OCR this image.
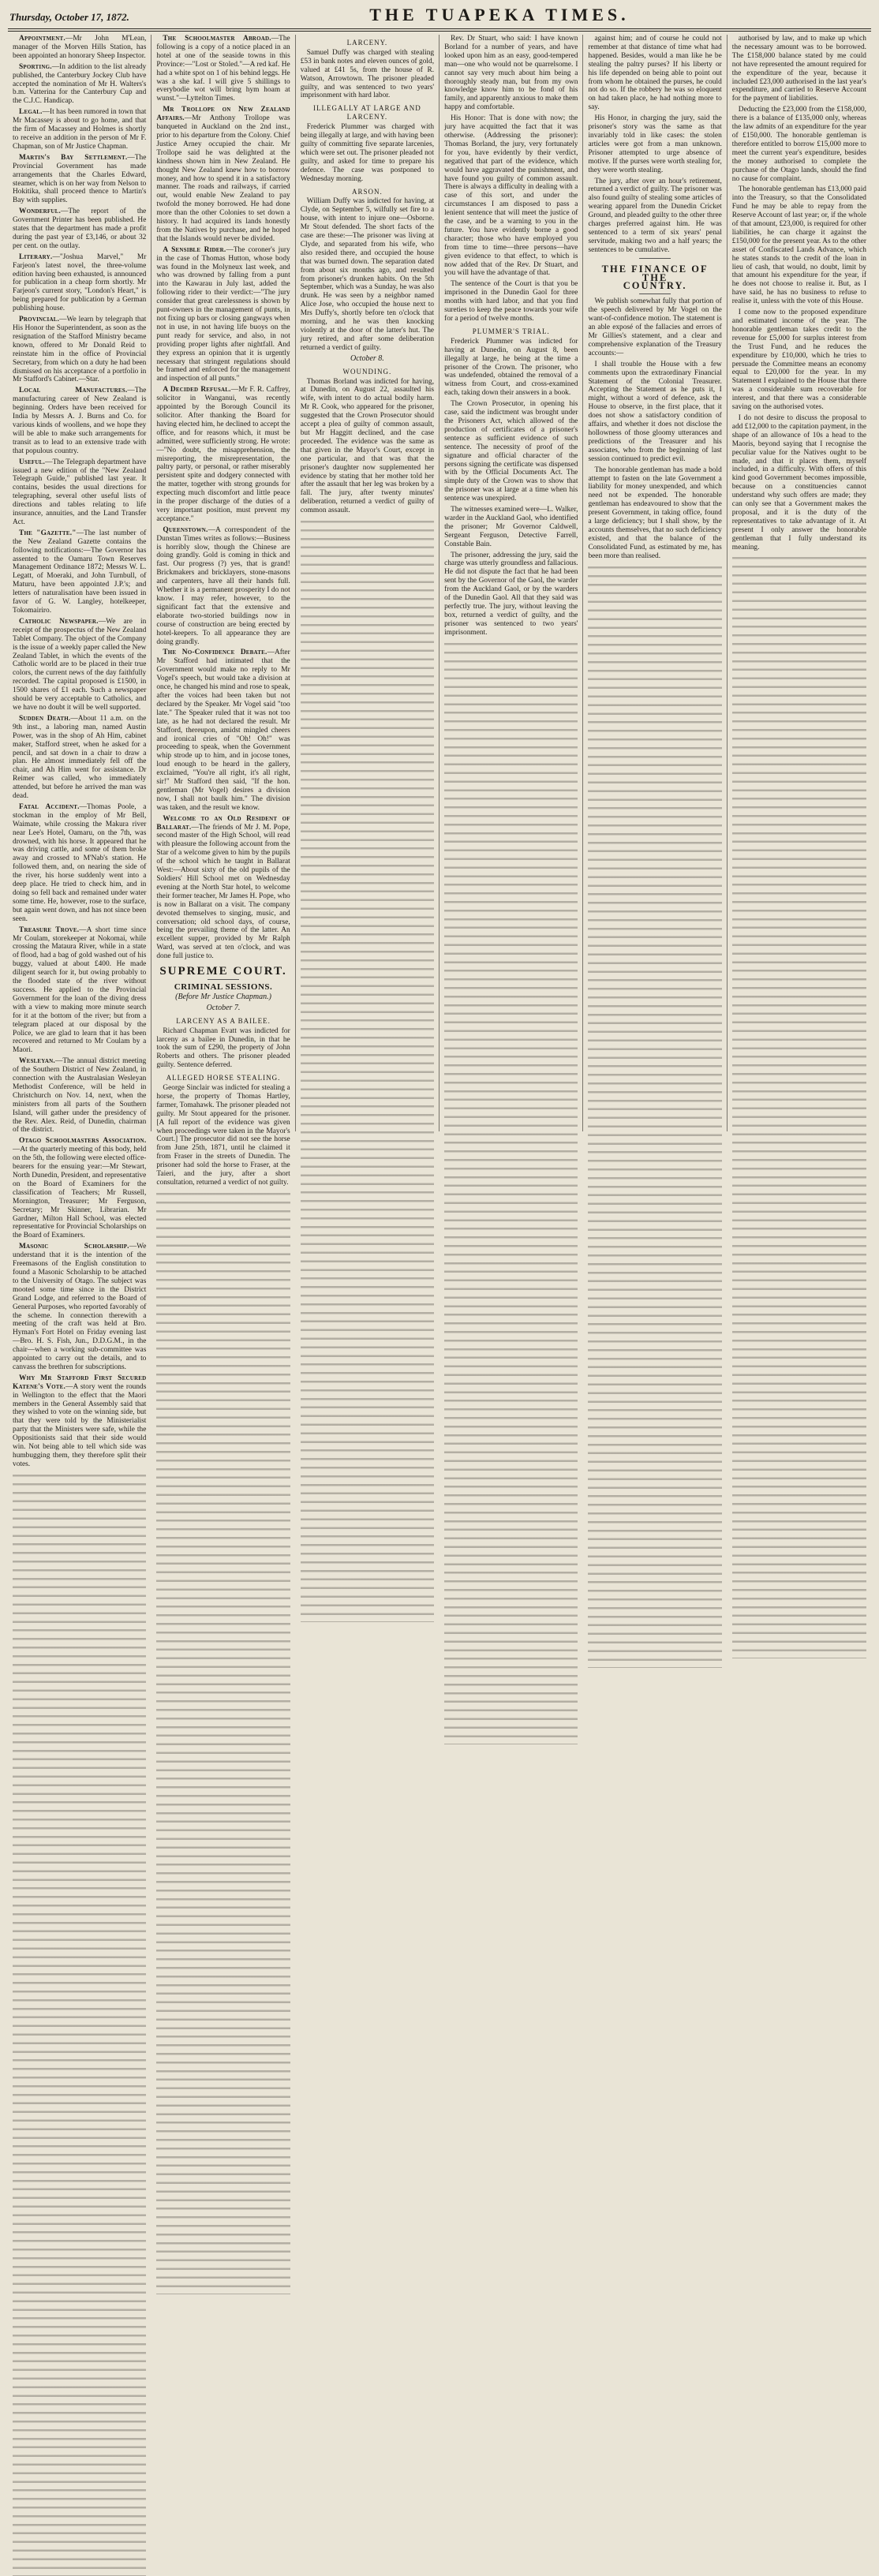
Thursday, October 17, 1872.	THE TUAPEKA TIMES.

Appointment.—Mr John M'Lean, manager of the Morven Hills Station, has been appointed an honorary Sheep Inspector.

Sporting.—In addition to the list already published, the Canterbury Jockey Club have accepted the nomination of Mr H. Walters's b.m. Vatterina for the Canterbury Cup and the C.J.C. Handicap.

Legal.—It has been rumored in town that Mr Macassey is about to go home, and that the firm of Macassey and Holmes is shortly to receive an addition in the person of Mr F. Chapman, son of Mr Justice Chapman.

Martin's Bay Settlement.—The Provincial Government has made arrangements that the Charles Edward, steamer, which is on her way from Nelson to Hokitika, shall proceed thence to Martin's Bay with supplies.

Wonderful.—The report of the Government Printer has been published. He states that the department has made a profit during the past year of £3,146, or about 32 per cent. on the outlay.

Literary.—"Joshua Marvel," Mr Farjeon's latest novel, the three-volume edition having been exhausted, is announced for publication in a cheap form shortly. Mr Farjeon's current story, "London's Heart," is being prepared for publication by a German publishing house.

Provincial.—We learn by telegraph that His Honor the Superintendent, as soon as the resignation of the Stafford Ministry became known, offered to Mr Donald Reid to reinstate him in the office of Provincial Secretary, from which on a duty he had been dismissed on his acceptance of a portfolio in Mr Stafford's Cabinet.—Star.

Local Manufactures.—The manufacturing career of New Zealand is beginning. Orders have been received for India by Messrs A. J. Burns and Co. for various kinds of woollens, and we hope they will be able to make such arrangements for transit as to lead to an extensive trade with that populous country.

Useful.—The Telegraph department have issued a new edition of the "New Zealand Telegraph Guide," published last year. It contains, besides the usual directions for telegraphing, several other useful lists of directions and tables relating to life insurance, annuities, and the Land Transfer Act.

The "Gazette."—The last number of the New Zealand Gazette contains the following notifications:—The Governor has assented to the Oamaru Town Reserves Management Ordinance 1872; Messrs W. L. Legatt, of Moeraki, and John Turnbull, of Maturu, have been appointed J.P.'s; and letters of naturalisation have been issued in favor of G. W. Langley, hotelkeeper, Tokomairiro.

Catholic Newspaper.—We are in receipt of the prospectus of the New Zealand Tablet Company. The object of the Company is the issue of a weekly paper called the New Zealand Tablet, in which the events of the Catholic world are to be placed in their true colors, the current news of the day faithfully recorded. The capital proposed is £1500, in 1500 shares of £1 each. Such a newspaper should be very acceptable to Catholics, and we have no doubt it will be well supported.

Sudden Death.—About 11 a.m. on the 9th inst., a laboring man, named Austin Power, was in the shop of Ah Him, cabinet maker, Stafford street, when he asked for a pencil, and sat down in a chair to draw a plan. He almost immediately fell off the chair, and Ah Him went for assistance. Dr Reimer was called, who immediately attended, but before he arrived the man was dead.

Fatal Accident.—Thomas Poole, a stockman in the employ of Mr Bell, Waimate, while crossing the Makura river near Lee's Hotel, Oamaru, on the 7th, was drowned, with his horse. It appeared that he was driving cattle, and some of them broke away and crossed to M'Nab's station. He followed them, and, on nearing the side of the river, his horse suddenly went into a deep place. He tried to check him, and in doing so fell back and remained under water some time. He, however, rose to the surface, but again went down, and has not since been seen.

Treasure Trove.—A short time since Mr Coulam, storekeeper at Nokomai, while crossing the Mataura River, while in a state of flood, had a bag of gold washed out of his buggy, valued at about £400. He made diligent search for it, but owing probably to the flooded state of the river without success. He applied to the Provincial Government for the loan of the diving dress with a view to making more minute search for it at the bottom of the river; but from a telegram placed at our disposal by the Police, we are glad to learn that it has been recovered and returned to Mr Coulam by a Maori.

Wesleyan.—The annual district meeting of the Southern District of New Zealand, in connection with the Australasian Wesleyan Methodist Conference, will be held in Christchurch on Nov. 14, next, when the ministers from all parts of the Southern Island, will gather under the presidency of the Rev. Alex. Reid, of Dunedin, chairman of the district.

Otago Schoolmasters Association.—At the quarterly meeting of this body, held on the 5th, the following were elected office-bearers for the ensuing year:—Mr Stewart, North Dunedin, President, and representative on the Board of Examiners for the classification of Teachers; Mr Russell, Mornington, Treasurer; Mr Ferguson, Secretary; Mr Skinner, Librarian. Mr Gardner, Milton Hall School, was elected representative for Provincial Scholarships on the Board of Examiners.

Masonic Scholarship.—We understand that it is the intention of the Freemasons of the English constitution to found a Masonic Scholarship to be attached to the University of Otago. The subject was mooted some time since in the District Grand Lodge, and referred to the Board of General Purposes, who reported favorably of the scheme. In connection therewith a meeting of the craft was held at Bro. Hyman's Fort Hotel on Friday evening last—Bro. H. S. Fish, Jun., D.D.G.M., in the chair—when a working sub-committee was appointed to carry out the details, and to canvass the brethren for subscriptions.

Why Mr Stafford First Secured Katene's Vote.—A story went the rounds in Wellington to the effect that the Maori members in the General Assembly said that they wished to vote on the winning side, but that they were told by the Ministerialist party that the Ministers were safe, while the Oppositionists said that their side would win. Not being able to tell which side was humbugging them, they therefore split their votes.

The Schoolmaster Abroad.—The following is a copy of a notice placed in an hotel at one of the seaside towns in this Province:—"Lost or Stoled."—A red kaf. He had a white spot on 1 of his behind leggs. He was a she kaf. I will give 5 shillings to everybodie wot will bring hym hoam at wunst."—Lyttelton Times.

Mr Trollope on New Zealand Affairs.—Mr Anthony Trollope was banqueted in Auckland on the 2nd inst., prior to his departure from the Colony. Chief Justice Arney occupied the chair. Mr Trollope said he was delighted at the kindness shown him in New Zealand. He thought New Zealand knew how to borrow money, and how to spend it in a satisfactory manner. The roads and railways, if carried out, would enable New Zealand to pay twofold the money borrowed. He had done more than the other Colonies to set down a history. It had acquired its lands honestly from the Natives by purchase, and he hoped that the Islands would never be divided.

A Sensible Rider.—The coroner's jury in the case of Thomas Hutton, whose body was found in the Molyneux last week, and who was drowned by falling from a punt into the Kawarau in July last, added the following rider to their verdict:—"The jury consider that great carelessness is shown by punt-owners in the management of punts, in not fixing up bars or closing gangways when not in use, in not having life buoys on the punt ready for service, and also, in not providing proper lights after nightfall. And they express an opinion that it is urgently necessary that stringent regulations should be framed and enforced for the management and inspection of all punts."

A Decided Refusal.—Mr F. R. Caffrey, solicitor in Wanganui, was recently appointed by the Borough Council its solicitor. After thanking the Board for having elected him, he declined to accept the office, and for reasons which, it must be admitted, were sufficiently strong. He wrote:—"No doubt, the misapprehension, the misreporting, the misrepresentation, the paltry party, or personal, or rather miserably persistent spite and dodgery connected with the matter, together with strong grounds for expecting much discomfort and little peace in the proper discharge of the duties of a very important position, must prevent my acceptance."

Queenstown.—A correspondent of the Dunstan Times writes as follows:—Business is horribly slow, though the Chinese are doing grandly. Gold is coming in thick and fast. Our progress (?) yes, that is grand! Brickmakers and bricklayers, stone-masons and carpenters, have all their hands full. Whether it is a permanent prosperity I do not know. I may refer, however, to the significant fact that the extensive and elaborate two-storied buildings now in course of construction are being erected by hotel-keepers. To all appearance they are doing grandly.

The No-Confidence Debate.—After Mr Stafford had intimated that the Government would make no reply to Mr Vogel's speech, but would take a division at once, he changed his mind and rose to speak, after the voices had been taken but not declared by the Speaker. Mr Vogel said "too late." The Speaker ruled that it was not too late, as he had not declared the result. Mr Stafford, thereupon, amidst mingled cheers and ironical cries of "Oh! Oh!" was proceeding to speak, when the Government whip strode up to him, and in jocose tones, loud enough to be heard in the gallery, exclaimed, "You're all right, it's all right, sir!" Mr Stafford then said, "If the hon. gentleman (Mr Vogel) desires a division now, I shall not baulk him." The division was taken, and the result we know.

Welcome to an Old Resident of Ballarat.—The friends of Mr J. M. Pope, second master of the High School, will read with pleasure the following account from the Star of a welcome given to him by the pupils of the school which he taught in Ballarat West:—About sixty of the old pupils of the Soldiers' Hill School met on Wednesday evening at the North Star hotel, to welcome their former teacher, Mr James H. Pope, who is now in Ballarat on a visit. The company devoted themselves to singing, music, and conversation; old school days, of course, being the prevailing theme of the latter. An excellent supper, provided by Mr Ralph Ward, was served at ten o'clock, and was done full justice to.

SUPREME COURT.
CRIMINAL SESSIONS.
(Before Mr Justice Chapman.)
October 7.
LARCENY AS A BAILEE.

Richard Chapman Evatt was indicted for larceny as a bailee in Dunedin, in that he took the sum of £290, the property of John Roberts and others. The prisoner pleaded guilty. Sentence deferred.

ALLEGED HORSE STEALING.

George Sinclair was indicted for stealing a horse, the property of Thomas Hartley, farmer, Tomahawk. The prisoner pleaded not guilty. Mr Stout appeared for the prisoner. [A full report of the evidence was given when proceedings were taken in the Mayor's Court.] The prosecutor did not see the horse from June 25th, 1871, until he claimed it from Fraser in the streets of Dunedin. The prisoner had sold the horse to Fraser, at the Taieri, and the jury, after a short consultation, returned a verdict of not guilty.

LARCENY.

Samuel Duffy was charged with stealing £53 in bank notes and eleven ounces of gold, valued at £41 5s, from the house of R. Watson, Arrowtown. The prisoner pleaded guilty, and was sentenced to two years' imprisonment with hard labor.

ILLEGALLY AT LARGE AND LARCENY.

Frederick Plummer was charged with being illegally at large, and with having been guilty of committing five separate larcenies, which were set out. The prisoner pleaded not guilty, and asked for time to prepare his defence. The case was postponed to Wednesday morning.

ARSON.

William Duffy was indicted for having, at Clyde, on September 5, wilfully set fire to a house, with intent to injure one—Osborne. Mr Stout defended. The short facts of the case are these:—The prisoner was living at Clyde, and separated from his wife, who also resided there, and occupied the house that was burned down. The separation dated from about six months ago, and resulted from prisoner's drunken habits. On the 5th September, which was a Sunday, he was also drunk. He was seen by a neighbor named Alice Jose, who occupied the house next to Mrs Duffy's, shortly before ten o'clock that morning, and he was then knocking violently at the door of the latter's hut. The jury retired, and after some deliberation returned a verdict of guilty.

October 8.
WOUNDING.

Thomas Borland was indicted for having, at Dunedin, on August 22, assaulted his wife, with intent to do actual bodily harm. Mr R. Cook, who appeared for the prisoner, suggested that the Crown Prosecutor should accept a plea of guilty of common assault, but Mr Haggitt declined, and the case proceeded. The evidence was the same as that given in the Mayor's Court, except in one particular, and that was that the prisoner's daughter now supplemented her evidence by stating that her mother told her after the assault that her leg was broken by a fall. The jury, after twenty minutes' deliberation, returned a verdict of guilty of common assault.

Rev. Dr Stuart, who said: I have known Borland for a number of years, and have looked upon him as an easy, good-tempered man—one who would not be quarrelsome. I cannot say very much about him being a thoroughly steady man, but from my own knowledge know him to be fond of his family, and apparently anxious to make them happy and comfortable.

His Honor: That is done with now; the jury have acquitted the fact that it was otherwise. (Addressing the prisoner): Thomas Borland, the jury, very fortunately for you, have evidently by their verdict, negatived that part of the evidence, which would have aggravated the punishment, and have found you guilty of common assault. There is always a difficulty in dealing with a case of this sort, and under the circumstances I am disposed to pass a lenient sentence that will meet the justice of the case, and be a warning to you in the future. You have evidently borne a good character; those who have employed you from time to time—three persons—have given evidence to that effect, to which is now added that of the Rev. Dr Stuart, and you will have the advantage of that.

The sentence of the Court is that you be imprisoned in the Dunedin Gaol for three months with hard labor, and that you find sureties to keep the peace towards your wife for a period of twelve months.

PLUMMER'S TRIAL.

Frederick Plummer was indicted for having at Dunedin, on August 8, been illegally at large, he being at the time a prisoner of the Crown. The prisoner, who was undefended, obtained the removal of a witness from Court, and cross-examined each, taking down their answers in a book.

The Crown Prosecutor, in opening his case, said the indictment was brought under the Prisoners Act, which allowed of the production of certificates of a prisoner's sentence as sufficient evidence of such sentence. The necessity of proof of the signature and official character of the persons signing the certificate was dispensed with by the Official Documents Act. The simple duty of the Crown was to show that the prisoner was at large at a time when his sentence was unexpired.

The witnesses examined were—L. Walker, warder in the Auckland Gaol, who identified the prisoner; Mr Governor Caldwell, Sergeant Ferguson, Detective Farrell, Constable Bain.

The prisoner, addressing the jury, said the charge was utterly groundless and fallacious. He did not dispute the fact that he had been sent by the Governor of the Gaol, the warder from the Auckland Gaol, or by the warders of the Dunedin Gaol. All that they said was perfectly true. The jury, without leaving the box, returned a verdict of guilty, and the prisoner was sentenced to two years' imprisonment.

against him; and of course he could not remember at that distance of time what had happened. Besides, would a man like he be stealing the paltry purses? If his liberty or his life depended on being able to point out from whom he obtained the purses, he could not do so. If the robbery he was so eloquent on had taken place, he had nothing more to say.

His Honor, in charging the jury, said the prisoner's story was the same as that invariably told in like cases: the stolen articles were got from a man unknown. Prisoner attempted to urge absence of motive. If the purses were worth stealing for, they were worth stealing.

The jury, after over an hour's retirement, returned a verdict of guilty. The prisoner was also found guilty of stealing some articles of wearing apparel from the Dunedin Cricket Ground, and pleaded guilty to the other three charges preferred against him. He was sentenced to a term of six years' penal servitude, making two and a half years; the sentences to be cumulative.

THE FINANCE OF THE
COUNTRY.

We publish somewhat fully that portion of the speech delivered by Mr Vogel on the want-of-confidence motion. The statement is an able exposé of the fallacies and errors of Mr Gillies's statement, and a clear and comprehensive explanation of the Treasury accounts:—

I shall trouble the House with a few comments upon the extraordinary Financial Statement of the Colonial Treasurer. Accepting the Statement as he puts it, I might, without a word of defence, ask the House to observe, in the first place, that it does not show a satisfactory condition of affairs, and whether it does not disclose the hollowness of those gloomy utterances and predictions of the Treasurer and his associates, who from the beginning of last session continued to predict evil.

The honorable gentleman has made a bold attempt to fasten on the late Government a liability for money unexpended, and which need not be expended. The honorable gentleman has endeavoured to show that the present Government, in taking office, found a large deficiency; but I shall show, by the accounts themselves, that no such deficiency existed, and that the balance of the Consolidated Fund, as estimated by me, has been more than realised.

authorised by law, and to make up which the necessary amount was to be borrowed. The £158,000 balance stated by me could not have represented the amount required for the expenditure of the year, because it included £23,000 authorised in the last year's expenditure, and carried to Reserve Account for the payment of liabilities.

Deducting the £23,000 from the £158,000, there is a balance of £135,000 only, whereas the law admits of an expenditure for the year of £150,000. The honorable gentleman is therefore entitled to borrow £15,000 more to meet the current year's expenditure, besides the money authorised to complete the purchase of the Otago lands, should the find no cause for complaint.

The honorable gentleman has £13,000 paid into the Treasury, so that the Consolidated Fund he may be able to repay from the Reserve Account of last year; or, if the whole of that amount, £23,000, is required for other liabilities, he can charge it against the £150,000 for the present year. As to the other asset of Confiscated Lands Advance, which he states stands to the credit of the loan in lieu of cash, that would, no doubt, limit by that amount his expenditure for the year, if he does not choose to realise it. But, as I have said, he has no business to refuse to realise it, unless with the vote of this House.

I come now to the proposed expenditure and estimated income of the year. The honorable gentleman takes credit to the revenue for £5,000 for surplus interest from the Trust Fund, and he reduces the expenditure by £10,000, which he tries to persuade the Committee means an economy equal to £20,000 for the year. In my Statement I explained to the House that there was a considerable sum recoverable for interest, and that there was a considerable saving on the authorised votes.

I do not desire to discuss the proposal to add £12,000 to the capitation payment, in the shape of an allowance of 10s a head to the Maoris, beyond saying that I recognise the peculiar value for the Natives ought to be made, and that it places them, myself included, in a difficulty. With offers of this kind good Government becomes impossible, because on a constituencies cannot understand why such offers are made; they can only see that a Government makes the proposal, and it is the duty of the representatives to take advantage of it. At present I only answer the honorable gentleman that I fully understand its meaning.
